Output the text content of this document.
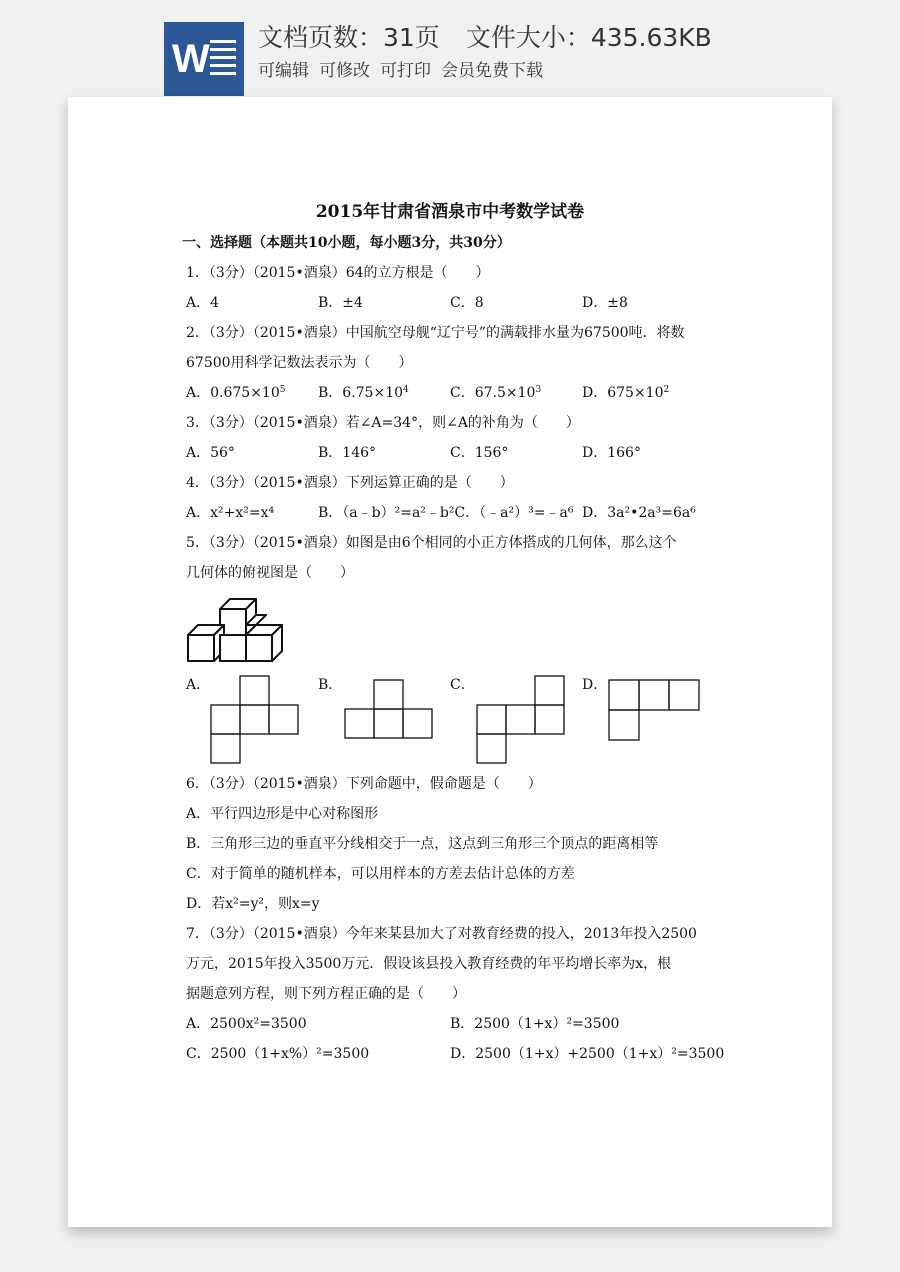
W 文档页数：31页 文件大小：435.63KB
可编辑 可修改 可打印 会员免费下载
2015年甘肃省酒泉市中考数学试卷
一、选择题（本题共10小题，每小题3分，共30分）
1．（3分）（2015•酒泉）64的立方根是（　　）
A．4	B．±4	C．8	D．±8
2．（3分）（2015•酒泉）中国航空母舰“辽宁号”的满载排水量为67500吨．将数
67500用科学记数法表示为（　　）
A．$0.675\times 10^5$ B．$6.75\times 10^4$	C．$67.5\times 10^3$	D．$675\times 10^2$
3．（3分）（2015•酒泉）若∠A=34°，则∠A的补角为（　　）
A．56°	B．146°	C．156°	D．166°
4．（3分）（2015•酒泉）下列运算正确的是（　　）
A．x²+x²=x⁴	B．（a﹣b）²=a²﹣b²C．（﹣a²）³=﹣a⁶ D．3a²•2a³=6a⁶
5．（3分）（2015•酒泉）如图是由6个相同的小正方体搭成的几何体，那么这个
几何体的俯视图是（　　）
A．	B．	C．	D．
6．（3分）（2015•酒泉）下列命题中，假命题是（　　）
A．平行四边形是中心对称图形
B．三角形三边的垂直平分线相交于一点，这点到三角形三个顶点的距离相等
C．对于简单的随机样本，可以用样本的方差去估计总体的方差
D．若x²=y²，则x=y
7．（3分）（2015•酒泉）今年来某县加大了对教育经费的投入，2013年投入2500
万元，2015年投入3500万元．假设该县投入教育经费的年平均增长率为x，根
据题意列方程，则下列方程正确的是（　　）
A．2500x²=3500	B．2500（1+x）²=3500
C．2500（1+x%）²=3500	D．2500（1+x）+2500（1+x）²=3500
